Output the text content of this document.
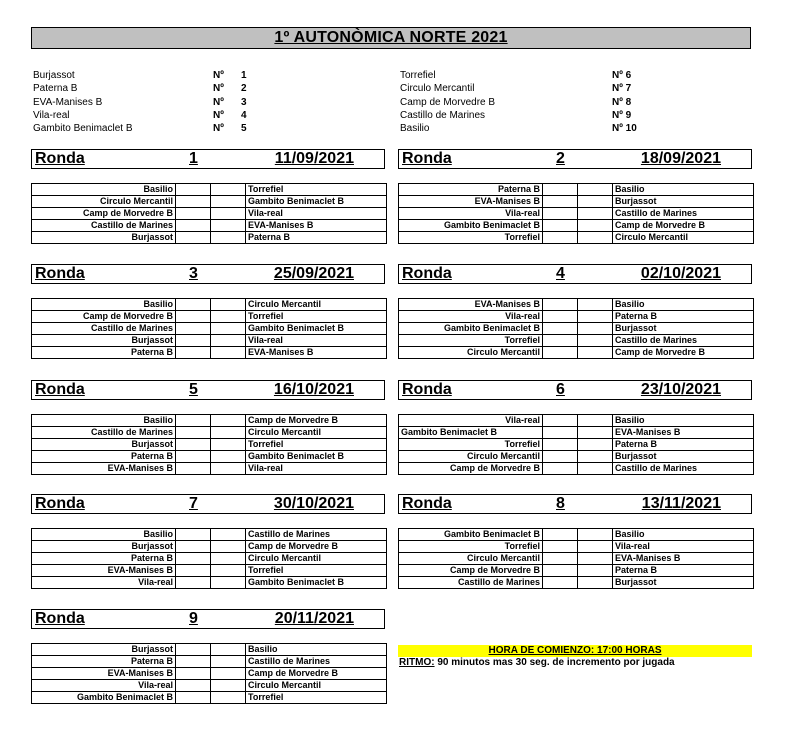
1º AUTONÒMICA NORTE 2021
Burjassot	Nº	1
Paterna B	Nº	2
EVA-Manises B	Nº	3
Vila-real	Nº	4
Gambito Benimaclet B	Nº	5
Torrefiel	Nº 6
Circulo Mercantil	Nº 7
Camp de Morvedre B	Nº 8
Castillo de Marines	Nº 9
Basilio	Nº 10
Ronda	1	11/09/2021
Basilio			Torrefiel
Circulo Mercantil			Gambito Benimaclet B
Camp de Morvedre B			Vila-real
Castillo de Marines			EVA-Manises B
Burjassot			Paterna B
Ronda	2	18/09/2021
Paterna B			Basilio
EVA-Manises B			Burjassot
Vila-real			Castillo de Marines
Gambito Benimaclet B			Camp de Morvedre B
Torrefiel			Circulo Mercantil
Ronda	3	25/09/2021
Basilio			Circulo Mercantil
Camp de Morvedre B			Torrefiel
Castillo de Marines			Gambito Benimaclet B
Burjassot			Vila-real
Paterna B			EVA-Manises B
Ronda	4	02/10/2021
EVA-Manises B			Basilio
Vila-real			Paterna B
Gambito Benimaclet B			Burjassot
Torrefiel			Castillo de Marines
Circulo Mercantil			Camp de Morvedre B
Ronda	5	16/10/2021
Basilio			Camp de Morvedre B
Castillo de Marines			Circulo Mercantil
Burjassot			Torrefiel
Paterna B			Gambito Benimaclet B
EVA-Manises B			Vila-real
Ronda	6	23/10/2021
Vila-real			Basilio
Gambito Benimaclet B			EVA-Manises B
Torrefiel			Paterna B
Circulo Mercantil			Burjassot
Camp de Morvedre B			Castillo de Marines
Ronda	7	30/10/2021
Basilio			Castillo de Marines
Burjassot			Camp de Morvedre B
Paterna B			Circulo Mercantil
EVA-Manises B			Torrefiel
Vila-real			Gambito Benimaclet B
Ronda	8	13/11/2021
Gambito Benimaclet B			Basilio
Torrefiel			Vila-real
Circulo Mercantil			EVA-Manises B
Camp de Morvedre B			Paterna B
Castillo de Marines			Burjassot
Ronda	9	20/11/2021
Burjassot			Basilio
Paterna B			Castillo de Marines
EVA-Manises B			Camp de Morvedre B
Vila-real			Circulo Mercantil
Gambito Benimaclet B			Torrefiel
HORA DE COMIENZO: 17:00 HORAS
RITMO: 90 minutos mas 30 seg. de incremento por jugada
